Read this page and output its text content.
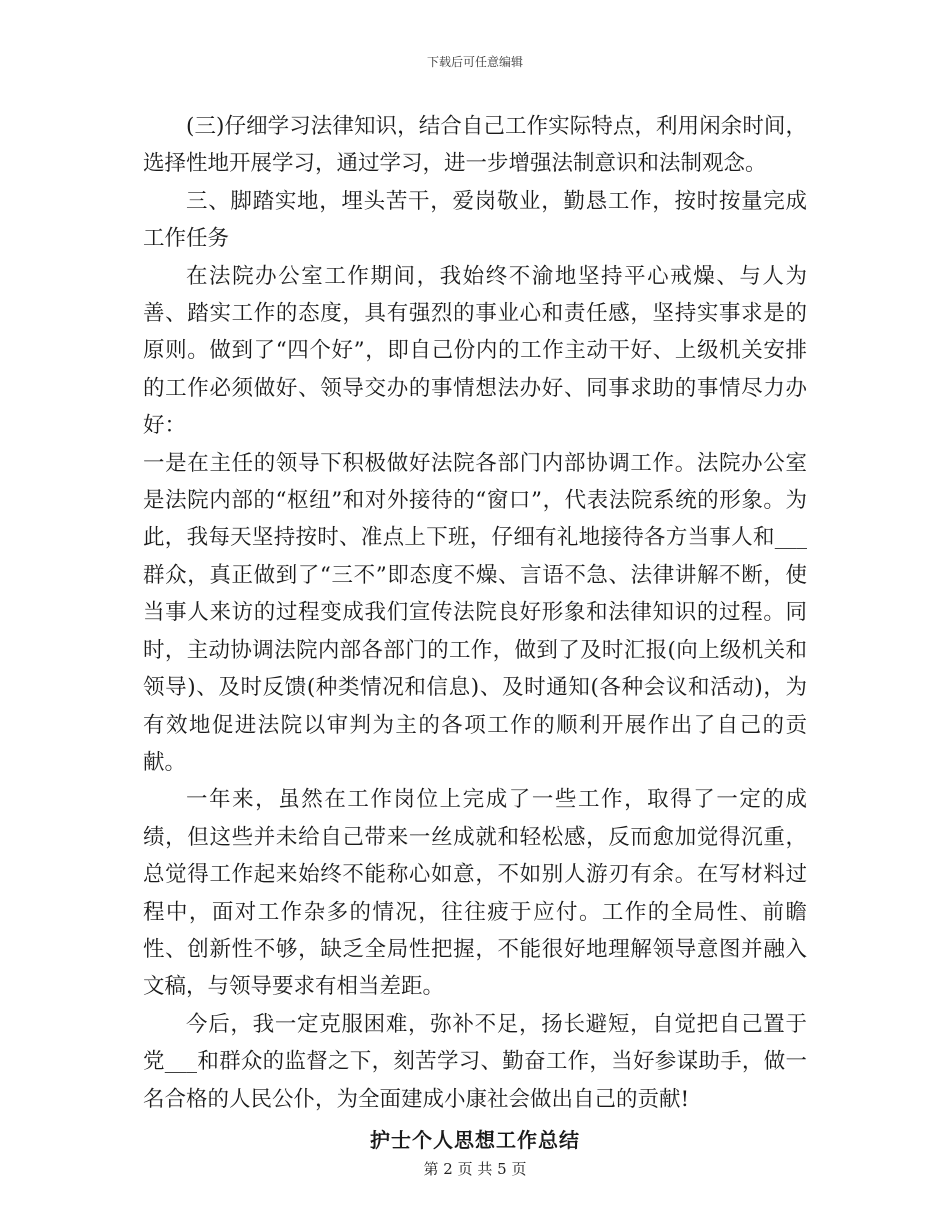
下载后可任意编辑

(三)仔细学习法律知识，结合自己工作实际特点，利用闲余时间，选择性地开展学习，通过学习，进一步增强法制意识和法制观念。

三、脚踏实地，埋头苦干，爱岗敬业，勤恳工作，按时按量完成工作任务

在法院办公室工作期间，我始终不渝地坚持平心戒燥、与人为善、踏实工作的态度，具有强烈的事业心和责任感，坚持实事求是的原则。做到了“四个好”，即自己份内的工作主动干好、上级机关安排的工作必须做好、领导交办的事情想法办好、同事求助的事情尽力办好：

一是在主任的领导下积极做好法院各部门内部协调工作。法院办公室是法院内部的“枢纽”和对外接待的“窗口”，代表法院系统的形象。为此，我每天坚持按时、准点上下班，仔细有礼地接待各方当事人和___群众，真正做到了“三不”即态度不燥、言语不急、法律讲解不断，使当事人来访的过程变成我们宣传法院良好形象和法律知识的过程。同时，主动协调法院内部各部门的工作，做到了及时汇报(向上级机关和领导)、及时反馈(种类情况和信息)、及时通知(各种会议和活动)，为有效地促进法院以审判为主的各项工作的顺利开展作出了自己的贡献。

一年来，虽然在工作岗位上完成了一些工作，取得了一定的成绩，但这些并未给自己带来一丝成就和轻松感，反而愈加觉得沉重，总觉得工作起来始终不能称心如意，不如别人游刃有余。在写材料过程中，面对工作杂多的情况，往往疲于应付。工作的全局性、前瞻性、创新性不够，缺乏全局性把握，不能很好地理解领导意图并融入文稿，与领导要求有相当差距。

今后，我一定克服困难，弥补不足，扬长避短，自觉把自己置于党___和群众的监督之下，刻苦学习、勤奋工作，当好参谋助手，做一名合格的人民公仆，为全面建成小康社会做出自己的贡献!

护士个人思想工作总结
第 2 页 共 5 页
